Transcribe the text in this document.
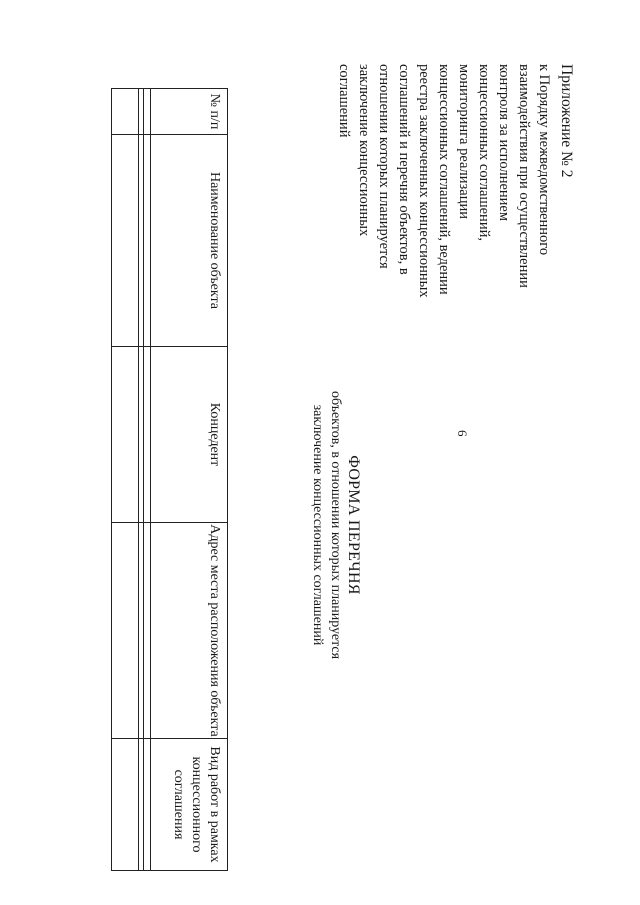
6
Приложение № 2
к Порядку межведомственного
взаимодействия при осуществлении
контроля за исполнением
концессионных соглашений,
мониторинга реализации
концессионных соглашений, ведении
реестра заключенных концессионных
соглашений и перечня объектов, в
отношении которых планируется
заключение концессионных
соглашений
ФОРМА ПЕРЕЧНЯ
объектов, в отношении которых планируется
заключение концессионных соглашений
№ п/п	Наименование объекта	Концедент	Адрес места расположения объекта	Вид работ в рамках концессионного соглашения
